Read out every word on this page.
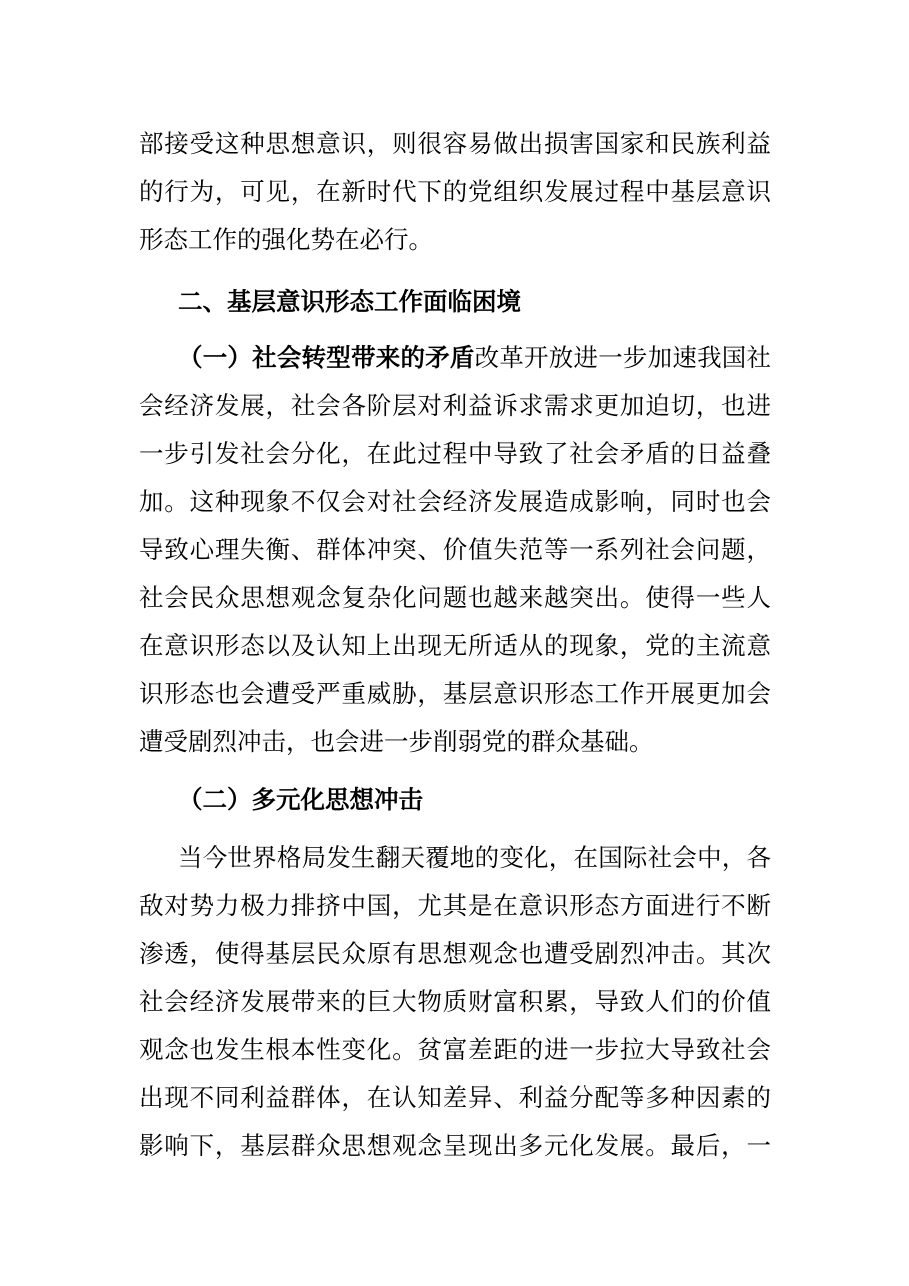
部接受这种思想意识，则很容易做出损害国家和民族利益
的行为，可见，在新时代下的党组织发展过程中基层意识
形态工作的强化势在必行。
二、基层意识形态工作面临困境
（一）社会转型带来的矛盾改革开放进一步加速我国社
会经济发展，社会各阶层对利益诉求需求更加迫切，也进
一步引发社会分化，在此过程中导致了社会矛盾的日益叠
加。这种现象不仅会对社会经济发展造成影响，同时也会
导致心理失衡、群体冲突、价值失范等一系列社会问题，
社会民众思想观念复杂化问题也越来越突出。使得一些人
在意识形态以及认知上出现无所适从的现象，党的主流意
识形态也会遭受严重威胁，基层意识形态工作开展更加会
遭受剧烈冲击，也会进一步削弱党的群众基础。
（二）多元化思想冲击
当今世界格局发生翻天覆地的变化，在国际社会中，各
敌对势力极力排挤中国，尤其是在意识形态方面进行不断
渗透，使得基层民众原有思想观念也遭受剧烈冲击。其次
社会经济发展带来的巨大物质财富积累，导致人们的价值
观念也发生根本性变化。贫富差距的进一步拉大导致社会
出现不同利益群体，在认知差异、利益分配等多种因素的
影响下，基层群众思想观念呈现出多元化发展。最后，一
